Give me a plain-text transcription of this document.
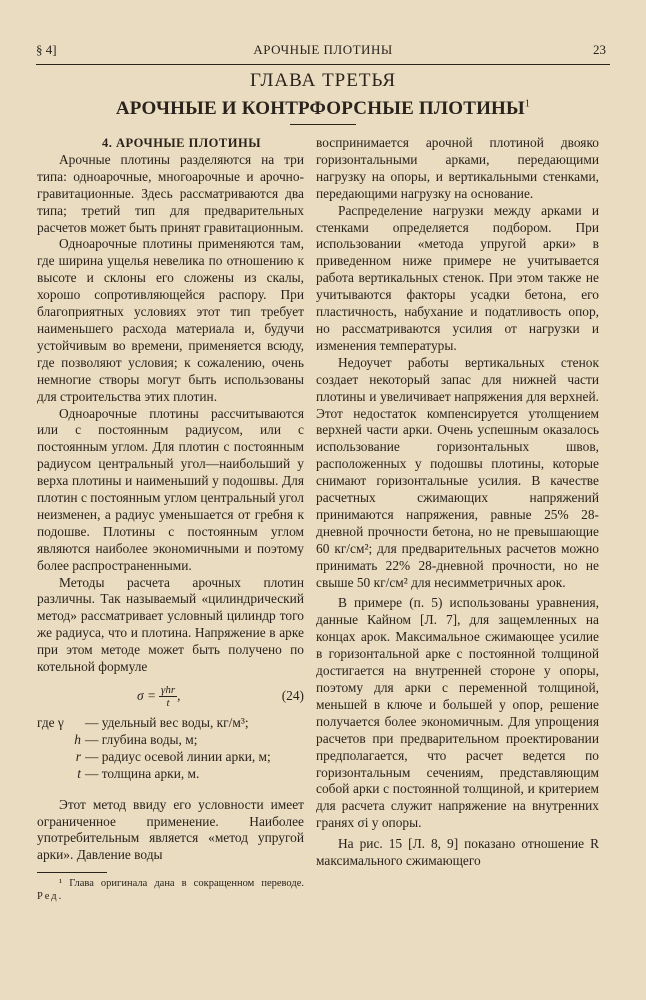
§ 4]	АРОЧНЫЕ ПЛОТИНЫ	23
ГЛАВА ТРЕТЬЯ
АРОЧНЫЕ И КОНТРФОРСНЫЕ ПЛОТИНЫ$^1$

4. АРОЧНЫЕ ПЛОТИНЫ

Арочные плотины разделяются на три типа: одноарочные, многоарочные и арочно-гравитационные. Здесь рассматриваются два типа; третий тип для предварительных расчетов может быть принят гравитационным.

Одноарочные плотины применяются там, где ширина ущелья невелика по отношению к высоте и склоны его сложены из скалы, хорошо сопротивляющейся распору. При благоприятных условиях этот тип требует наименьшего расхода материала и, будучи устойчивым во времени, применяется всюду, где позволяют условия; к сожалению, очень немногие створы могут быть использованы для строительства этих плотин.

Одноарочные плотины рассчитываются или с постоянным радиусом, или с постоянным углом. Для плотин с постоянным радиусом центральный угол—наибольший у верха плотины и наименьший у подошвы. Для плотин с постоянным углом центральный угол неизменен, а радиус уменьшается от гребня к подошве. Плотины с постоянным углом являются наиболее экономичными и поэтому более распространенными.

Методы расчета арочных плотин различны. Так называемый «цилиндрический метод» рассматривает условный цилиндр того же радиуса, что и плотина. Напряжение в арке при этом методе может быть получено по котельной формуле

$\sigma = \frac{\text{γhr}}{t}$ ,	(24)
где γ	— удельный вес воды, кг/м³;
h — глубина воды, м;
r — радиус осевой линии арки, м;
t — толщина арки, м.

Этот метод ввиду его условности имеет ограниченное применение. Наиболее употребительным является «метод упругой арки». Давление воды

¹ Глава оригинала дана в сокращенном переводе. Ред.

воспринимается арочной плотиной двояко горизонтальными арками, передающими нагрузку на опоры, и вертикальными стенками, передающими нагрузку на основание.

Распределение нагрузки между арками и стенками определяется подбором. При использовании «метода упругой арки» в приведенном ниже примере не учитывается работа вертикальных стенок. При этом также не учитываются факторы усадки бетона, его пластичность, набухание и податливость опор, но рассматриваются усилия от нагрузки и изменения температуры.

Недоучет работы вертикальных стенок создает некоторый запас для нижней части плотины и увеличивает напряжения для верхней. Этот недостаток компенсируется утолщением верхней части арки. Очень успешным оказалось использование горизонтальных швов, расположенных у подошвы плотины, которые снимают горизонтальные усилия. В качестве расчетных сжимающих напряжений принимаются напряжения, равные 25% 28-дневной прочности бетона, но не превышающие 60 кг/см²; для предварительных расчетов можно принимать 22% 28-дневной прочности, но не свыше 50 кг/см² для несимметричных арок.

В примере (п. 5) использованы уравнения, данные Кайном [Л. 7], для защемленных на концах арок. Максимальное сжимающее усилие в горизонтальной арке с постоянной толщиной достигается на внутренней стороне у опоры, поэтому для арки с переменной толщиной, меньшей в ключе и большей у опор, решение получается более экономичным. Для упрощения расчетов при предварительном проектировании предполагается, что расчет ведется по горизонтальным сечениям, представляющим собой арки с постоянной толщиной, и критерием для расчета служит напряжение на внутренних гранях σi у опоры.

На рис. 15 [Л. 8, 9] показано отношение R максимального сжимающего
